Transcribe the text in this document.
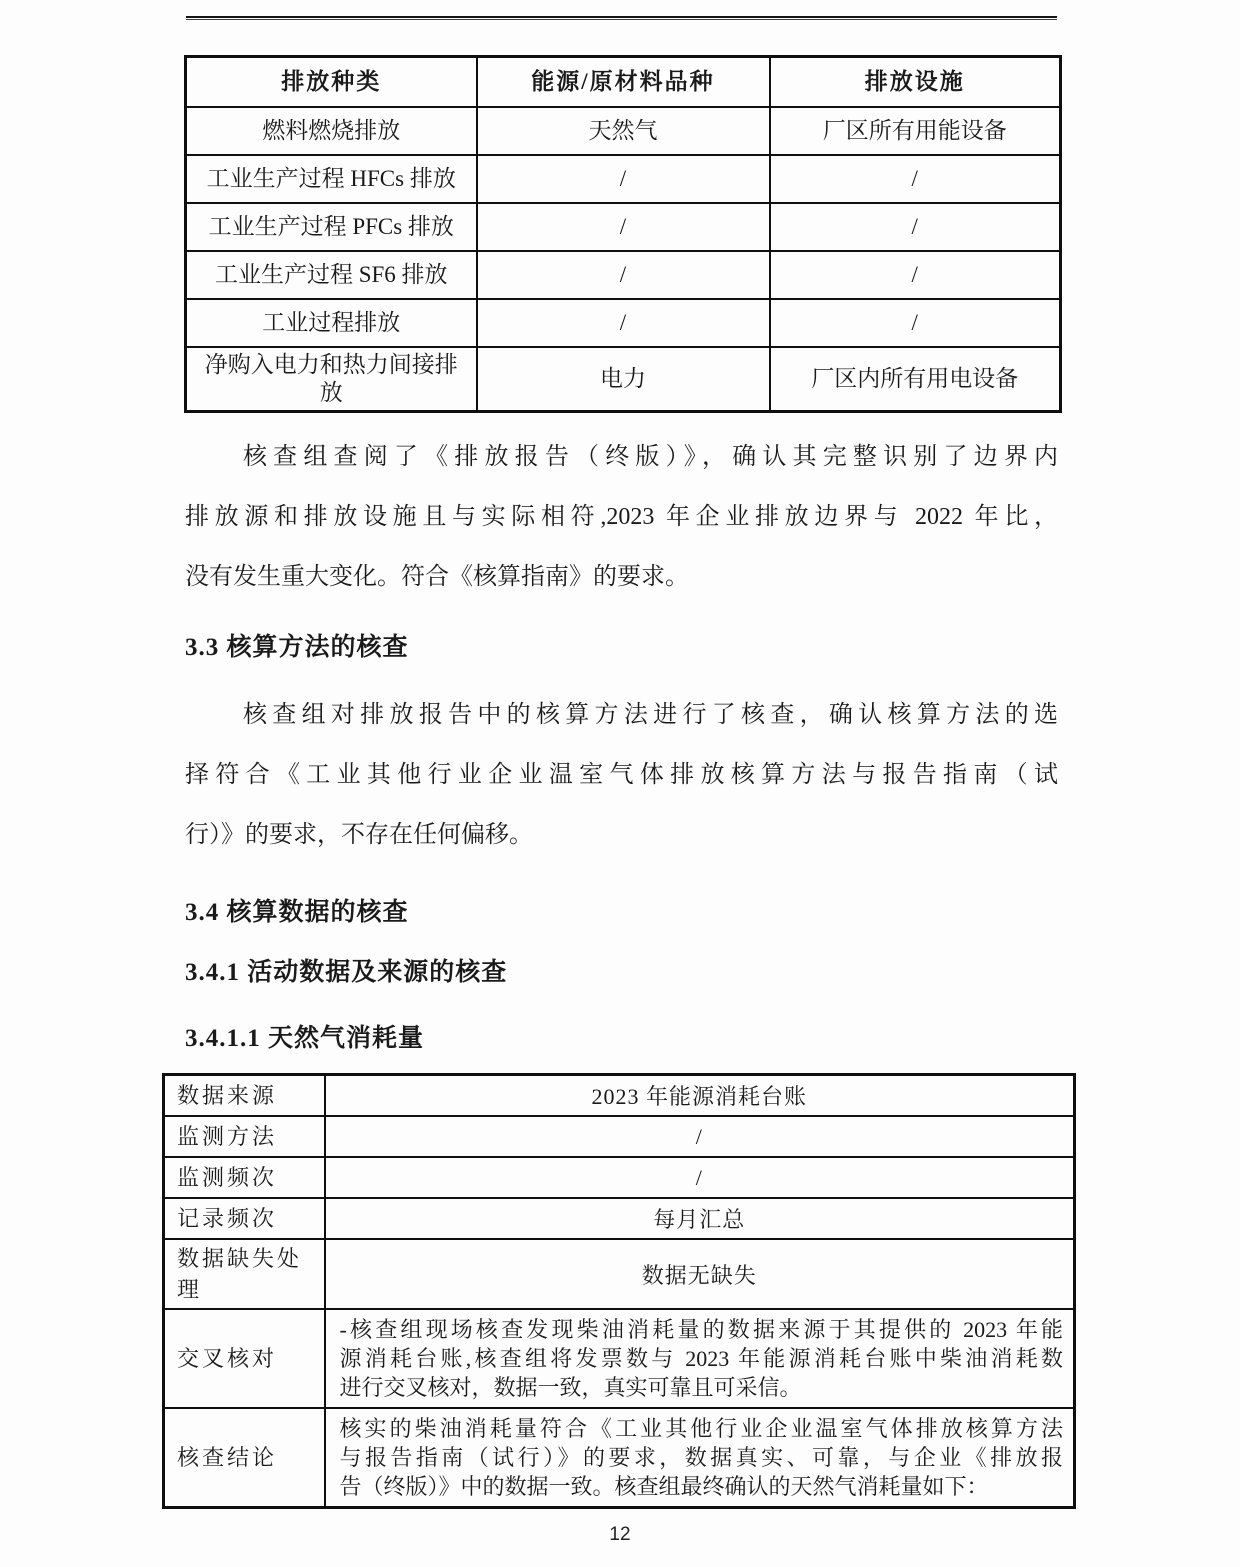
排放种类	能源/原材料品种	排放设施
燃料燃烧排放	天然气	厂区所有用能设备
工业生产过程 HFCs 排放	/	/
工业生产过程 PFCs 排放	/	/
工业生产过程 SF6 排放	/	/
工业过程排放	/	/
净购入电力和热力间接排放	电力	厂区内所有用电设备
核查组查阅了《排放报告（终版）》，确认其完整识别了边界内
排放源和排放设施且与实际相符,2023 年企业排放边界与 2022 年比，
没有发生重大变化。符合《核算指南》的要求。
3.3 核算方法的核查
核查组对排放报告中的核算方法进行了核查，确认核算方法的选
择符合《工业其他行业企业温室气体排放核算方法与报告指南（试
行）》的要求，不存在任何偏移。
3.4 核算数据的核查
3.4.1 活动数据及来源的核查
3.4.1.1 天然气消耗量
数据来源	2023 年能源消耗台账
监测方法	/
监测频次	/
记录频次	每月汇总
数据缺失处理	数据无缺失
交叉核对	-核查组现场核查发现柴油消耗量的数据来源于其提供的 2023 年能
源消耗台账,核查组将发票数与 2023 年能源消耗台账中柴油消耗数
进行交叉核对，数据一致，真实可靠且可采信。

核查结论	核实的柴油消耗量符合《工业其他行业企业温室气体排放核算方法
与报告指南（试行）》的要求，数据真实、可靠，与企业《排放报
告（终版）》中的数据一致。核查组最终确认的天然气消耗量如下：
12
